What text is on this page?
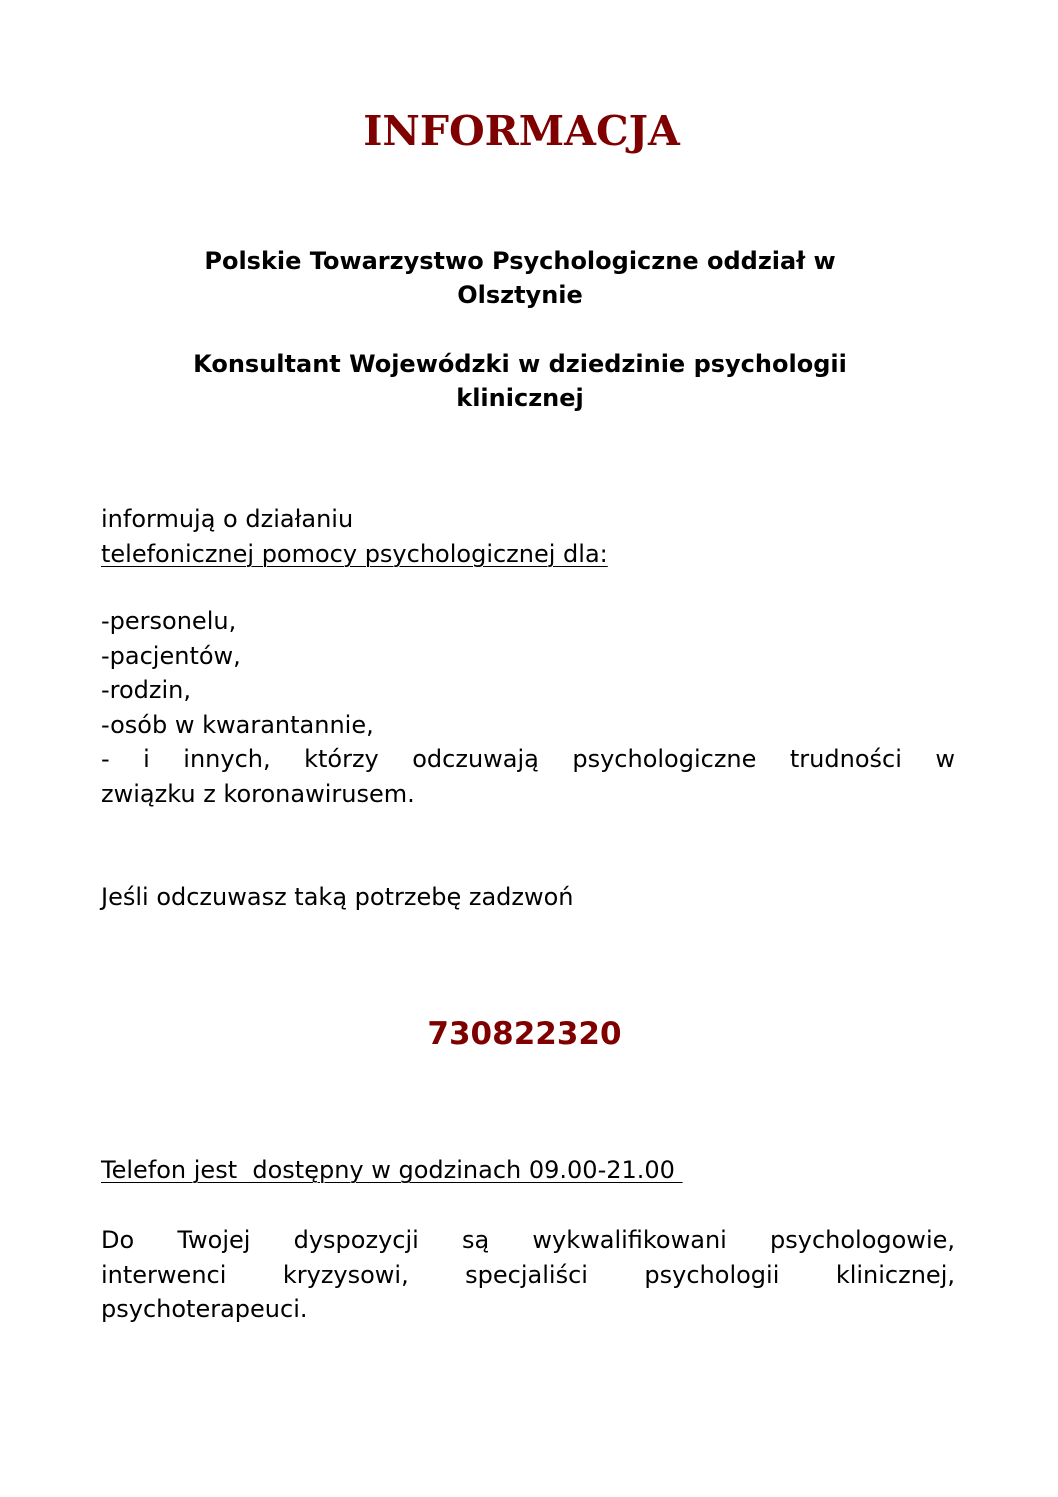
INFORMACJA

Polskie Towarzystwo Psychologiczne oddział w
Olsztynie

Konsultant Wojewódzki w dziedzinie psychologii
klinicznej

informują o działaniu
telefonicznej pomocy psychologicznej dla:

-personelu,
-pacjentów,
-rodzin,
-osób w kwarantannie,
- i innych, którzy odczuwają psychologiczne trudności w
związku z koronawirusem.

Jeśli odczuwasz taką potrzebę zadzwoń

730822320

Telefon jest  dostępny w godzinach 09.00-21.00

Do Twojej dyspozycji są wykwalifikowani psychologowie,
interwenci kryzysowi, specjaliści psychologii klinicznej,
psychoterapeuci.
